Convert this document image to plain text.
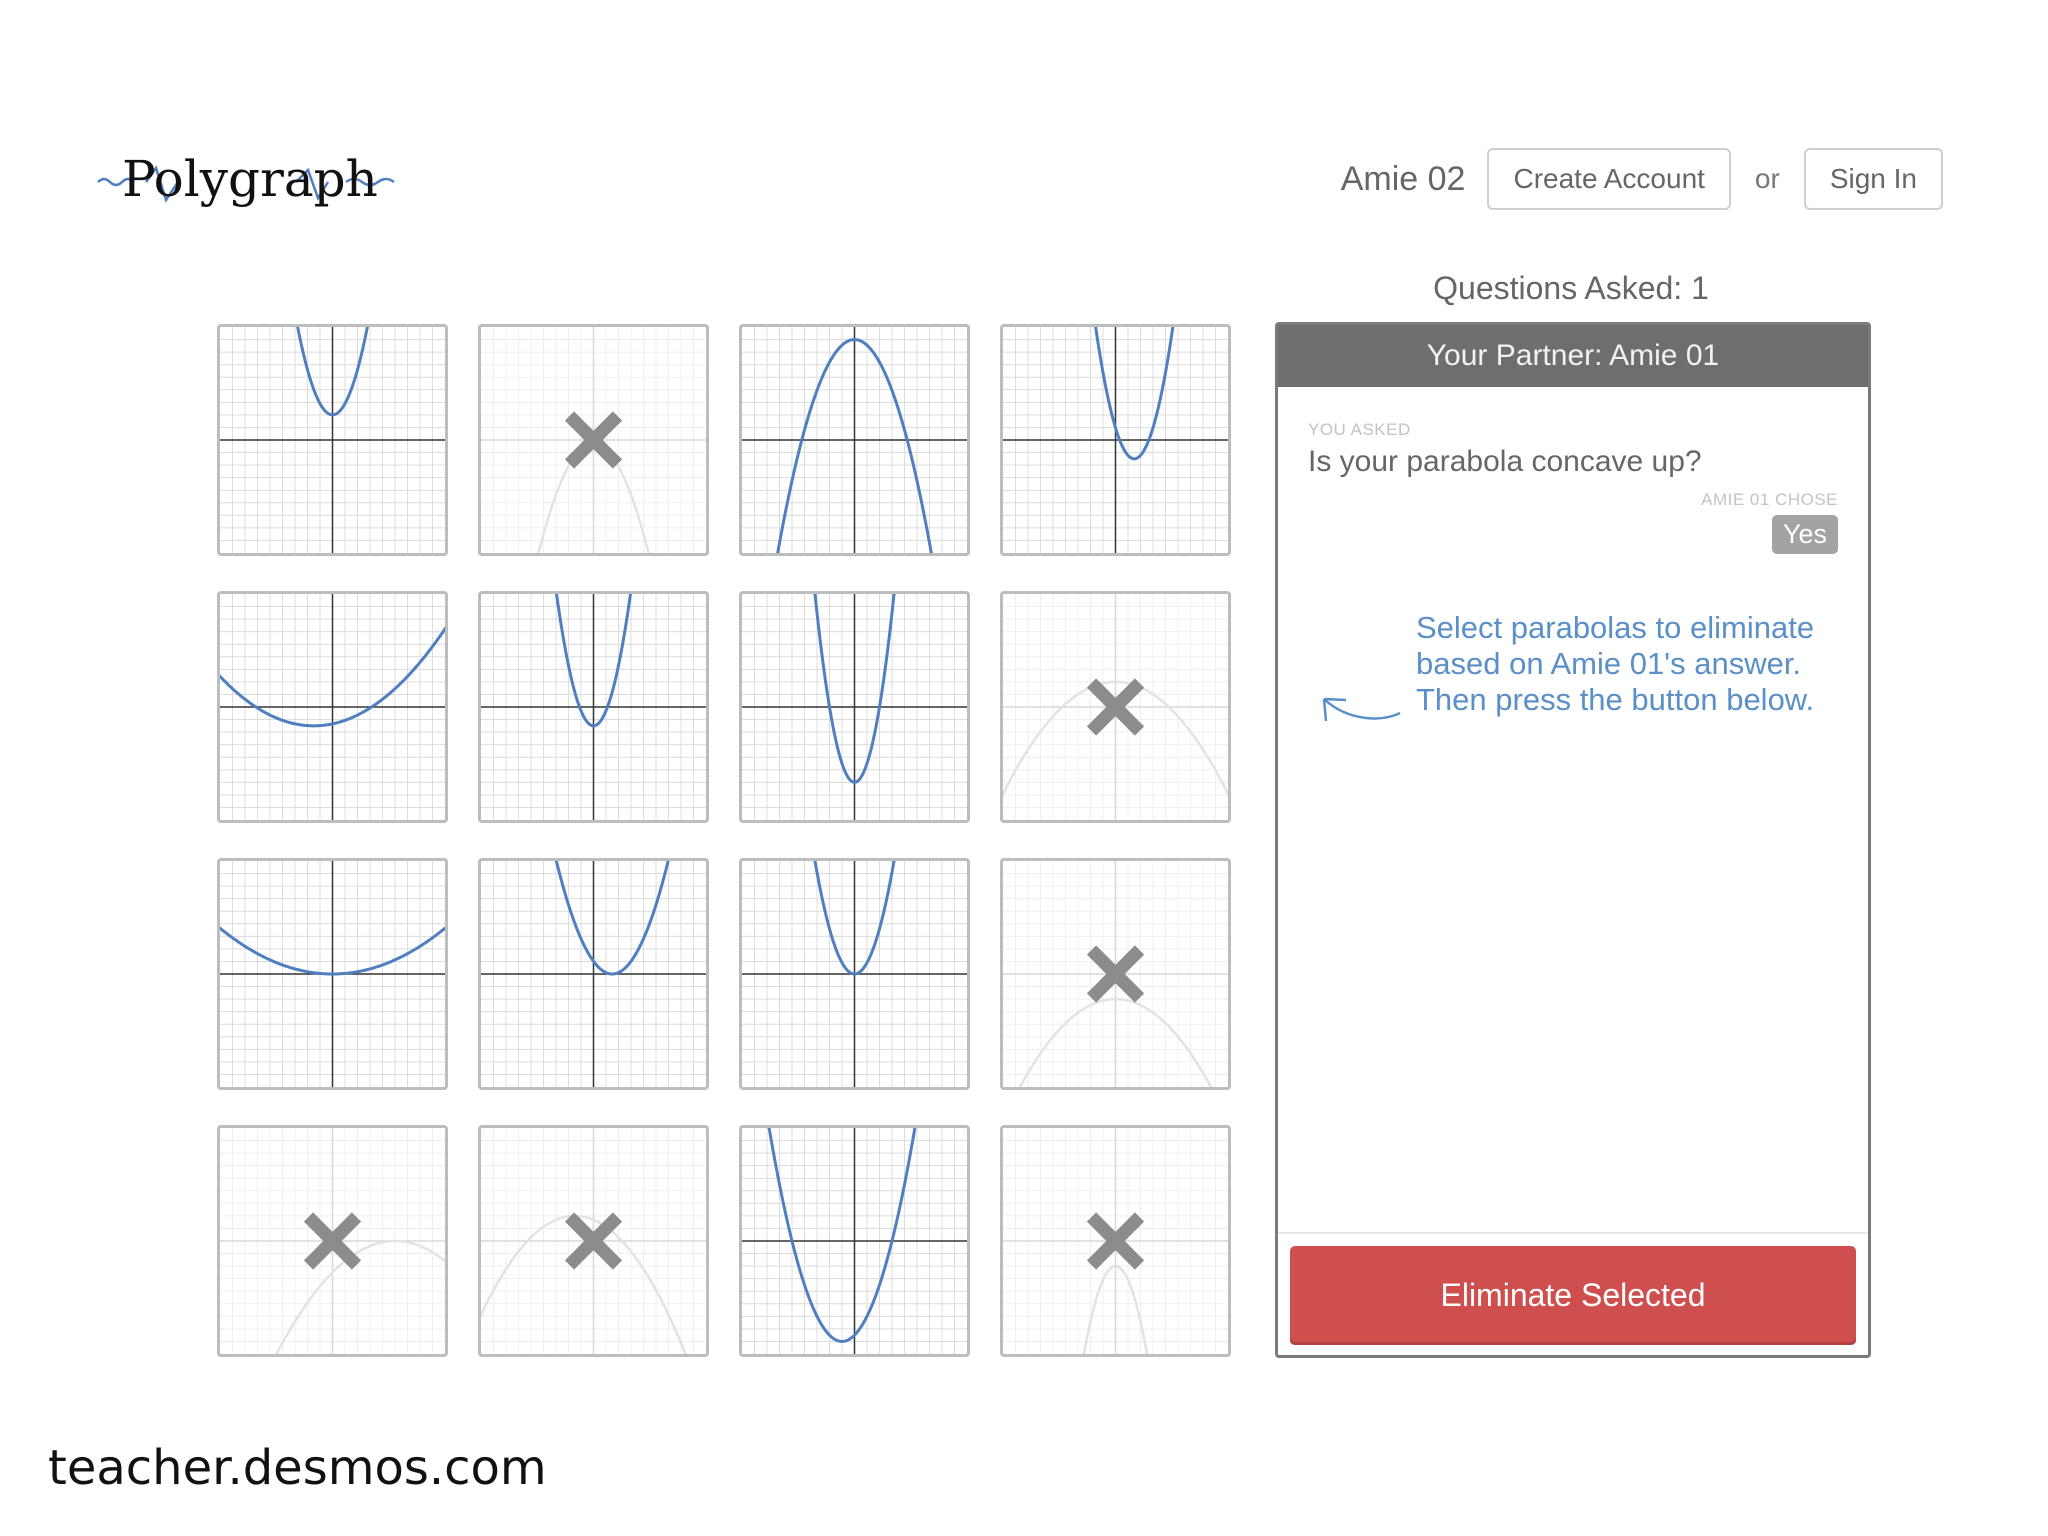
Polygraph	Amie 02	Create Account	or	Sign In
Questions Asked: 1
Your Partner: Amie 01
YOU ASKED
Is your parabola concave up?
AMIE 01 CHOSE
Yes
Select parabolas to eliminate based on Amie 01's answer. Then press the button below.
Eliminate Selected
teacher.desmos.com
